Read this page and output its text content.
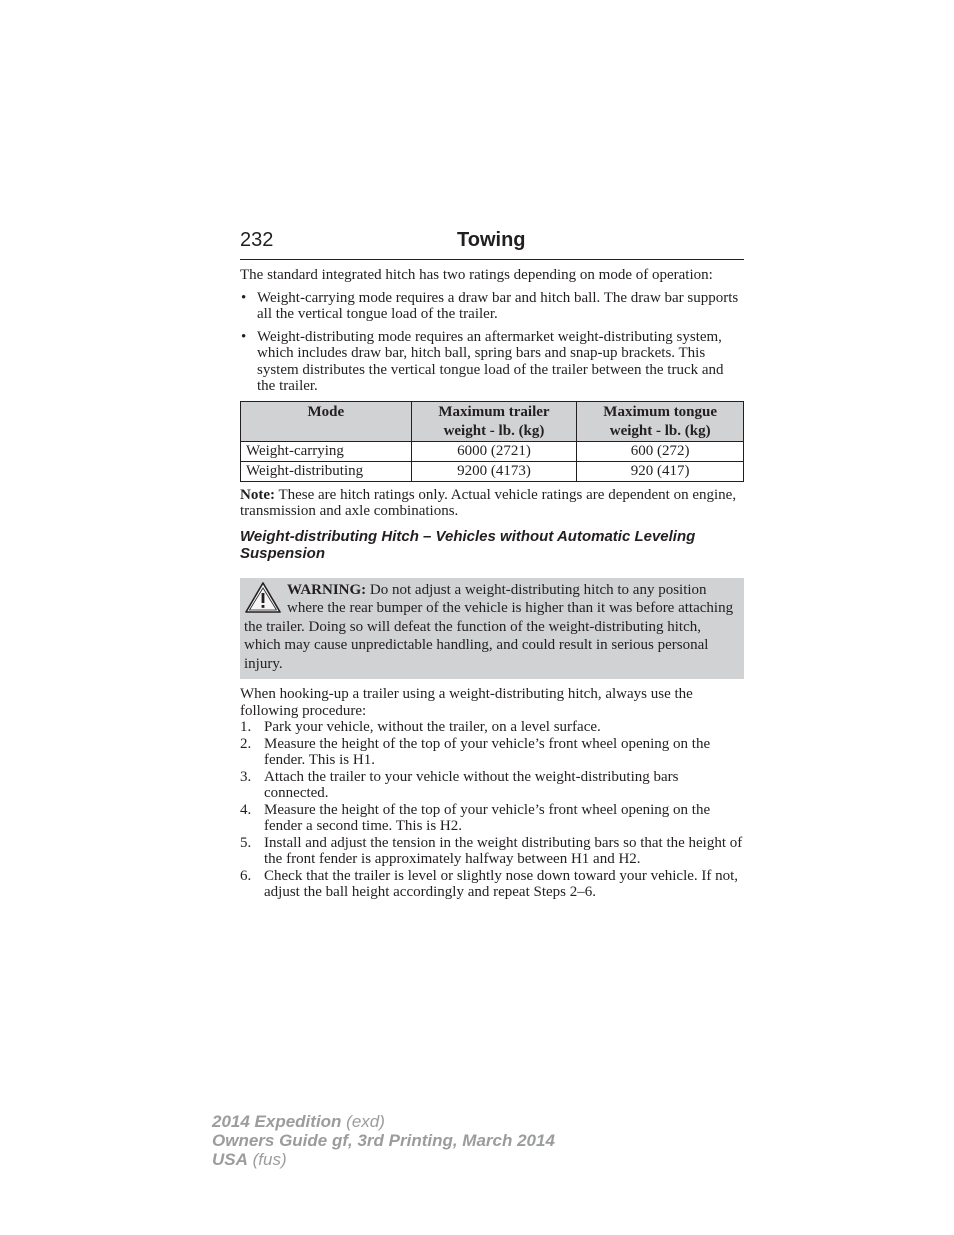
232	Towing

The standard integrated hitch has two ratings depending on mode of operation:

• Weight-carrying mode requires a draw bar and hitch ball. The draw bar supports all the vertical tongue load of the trailer.
• Weight-distributing mode requires an aftermarket weight-distributing system, which includes draw bar, hitch ball, spring bars and snap-up brackets. This system distributes the vertical tongue load of the trailer between the truck and the trailer.
Mode	Maximum trailer weight - lb. (kg)	Maximum tongue weight - lb. (kg)
Weight-carrying	6000 (2721)	600 (272)
Weight-distributing	9200 (4173)	920 (417)

Note: These are hitch ratings only. Actual vehicle ratings are dependent on engine, transmission and axle combinations.

Weight-distributing Hitch – Vehicles without Automatic Leveling Suspension

WARNING: Do not adjust a weight-distributing hitch to any position where the rear bumper of the vehicle is higher than it was before attaching the trailer. Doing so will defeat the function of the weight-distributing hitch, which may cause unpredictable handling, and could result in serious personal injury.

When hooking-up a trailer using a weight-distributing hitch, always use the following procedure:

1. Park your vehicle, without the trailer, on a level surface.
2. Measure the height of the top of your vehicle’s front wheel opening on the fender. This is H1.
3. Attach the trailer to your vehicle without the weight-distributing bars connected.
4. Measure the height of the top of your vehicle’s front wheel opening on the fender a second time. This is H2.
5. Install and adjust the tension in the weight distributing bars so that the height of the front fender is approximately halfway between H1 and H2.
6. Check that the trailer is level or slightly nose down toward your vehicle. If not, adjust the ball height accordingly and repeat Steps 2–6.
2014 Expedition (exd)
Owners Guide gf, 3rd Printing, March 2014
USA (fus)
